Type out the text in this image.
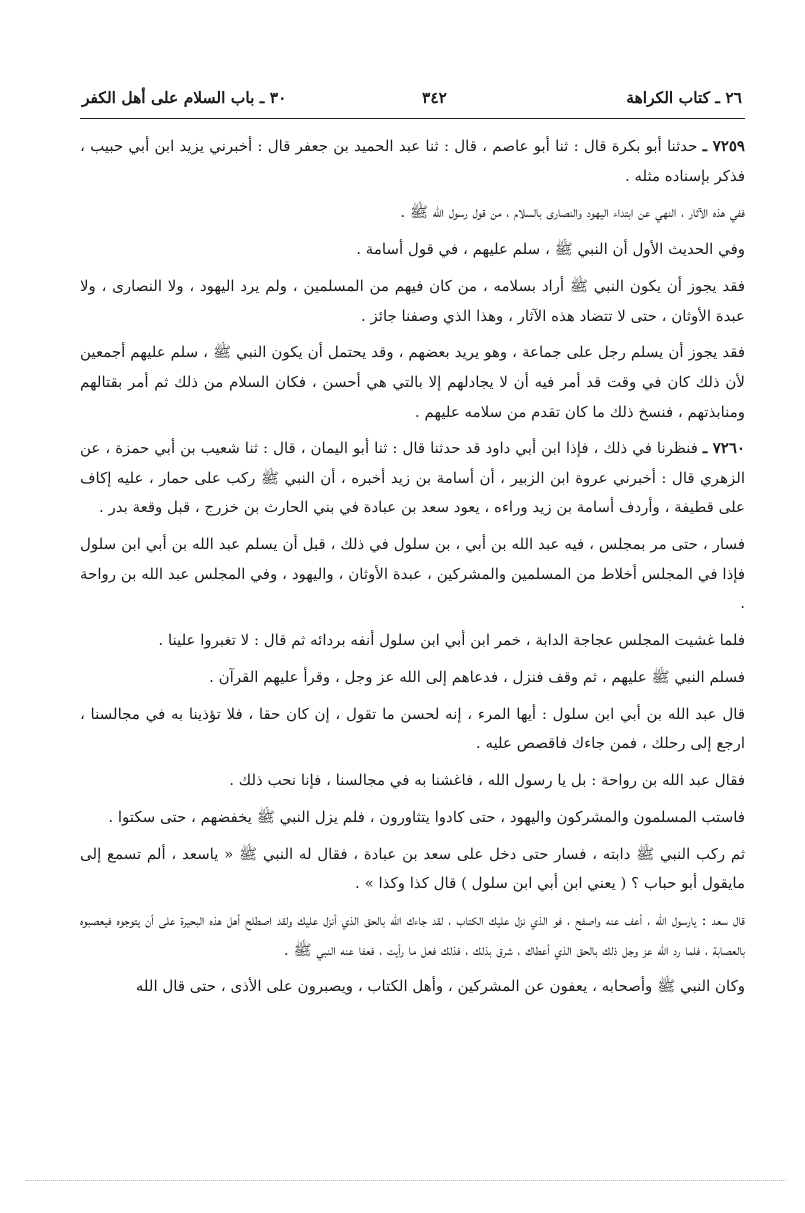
٢٦ ـ كتاب الكراهة
٣٤٢
٣٠ ـ باب السلام على أهل الكفر

٧٢٥٩ ـ حدثنا أبو بكرة قال : ثنا أبو عاصم ، قال : ثنا عبد الحميد بن جعفر قال : أخبرني يزيد ابن أبي حبيب ، فذكر بإسناده مثله .

ففي هذه الآثار ، النهي عن ابتداء اليهود والنصارى بالسلام ، من قول رسول الله ﷺ .

وفي الحديث الأول أن النبي ﷺ ، سلم عليهم ، في قول أسامة .

فقد يجوز أن يكون النبي ﷺ أراد بسلامه ، من كان فيهم من المسلمين ، ولم يرد اليهود ، ولا النصارى ، ولا عبدة الأوثان ، حتى لا تتضاد هذه الآثار ، وهذا الذي وصفنا جائز .

فقد يجوز أن يسلم رجل على جماعة ، وهو يريد بعضهم ، وقد يحتمل أن يكون النبي ﷺ ، سلم عليهم أجمعين لأن ذلك كان في وقت قد أمر فيه أن لا يجادلهم إلا بالتي هي أحسن ، فكان السلام من ذلك ثم أمر بقتالهم ومنابذتهم ، فنسخ ذلك ما كان تقدم من سلامه عليهم .

٧٢٦٠ ـ فنظرنا في ذلك ، فإذا ابن أبي داود قد حدثنا قال : ثنا أبو اليمان ، قال : ثنا شعيب بن أبي حمزة ، عن الزهري قال : أخبرني عروة ابن الزبير ، أن أسامة بن زيد أخبره ، أن النبي ﷺ ركب على حمار ، عليه إكاف على قطيفة ، وأردف أسامة بن زيد وراءه ، يعود سعد بن عبادة في بني الحارث بن خزرج ، قبل وقعة بدر .

فسار ، حتى مر بمجلس ، فيه عبد الله بن أبي ، بن سلول في ذلك ، قبل أن يسلم عبد الله بن أبي ابن سلول فإذا في المجلس أخلاط من المسلمين والمشركين ، عبدة الأوثان ، واليهود ، وفي المجلس عبد الله بن رواحة .

فلما غشيت المجلس عجاجة الدابة ، خمر ابن أبي ابن سلول أنفه بردائه ثم قال : لا تغبروا علينا .

فسلم النبي ﷺ عليهم ، ثم وقف فنزل ، فدعاهم إلى الله عز وجل ، وقرأ عليهم القرآن .

قال عبد الله بن أبي ابن سلول : أيها المرء ، إنه لحسن ما تقول ، إن كان حقا ، فلا تؤذينا به في مجالسنا ، ارجع إلى رحلك ، فمن جاءك فاقصص عليه .

فقال عبد الله بن رواحة : بل يا رسول الله ، فاغشنا به في مجالسنا ، فإنا نحب ذلك .

فاستب المسلمون والمشركون واليهود ، حتى كادوا يتثاورون ، فلم يزل النبي ﷺ يخفضهم ، حتى سكتوا .

ثم ركب النبي ﷺ دابته ، فسار حتى دخل على سعد بن عبادة ، فقال له النبي ﷺ « ياسعد ، ألم تسمع إلى مايقول أبو حباب ؟ ( يعني ابن أبي ابن سلول ) قال كذا وكذا » .

قال سعد : يارسول الله ، أعف عنه واصفح ، فو الذي نزل عليك الكتاب ، لقد جاءك الله بالحق الذي أنزل عليك ولقد اصطلح أهل هذه البحيرة على أن يتوجوه فيعصبوه بالعصابة ، فلما رد الله عز وجل ذلك بالحق الذي أعطاك ، شرق بذلك ، فذلك فعل ما رأيت ، فعفا عنه النبي ﷺ .

وكان النبي ﷺ وأصحابه ، يعفون عن المشركين ، وأهل الكتاب ، ويصبرون على الأذى ، حتى قال الله
